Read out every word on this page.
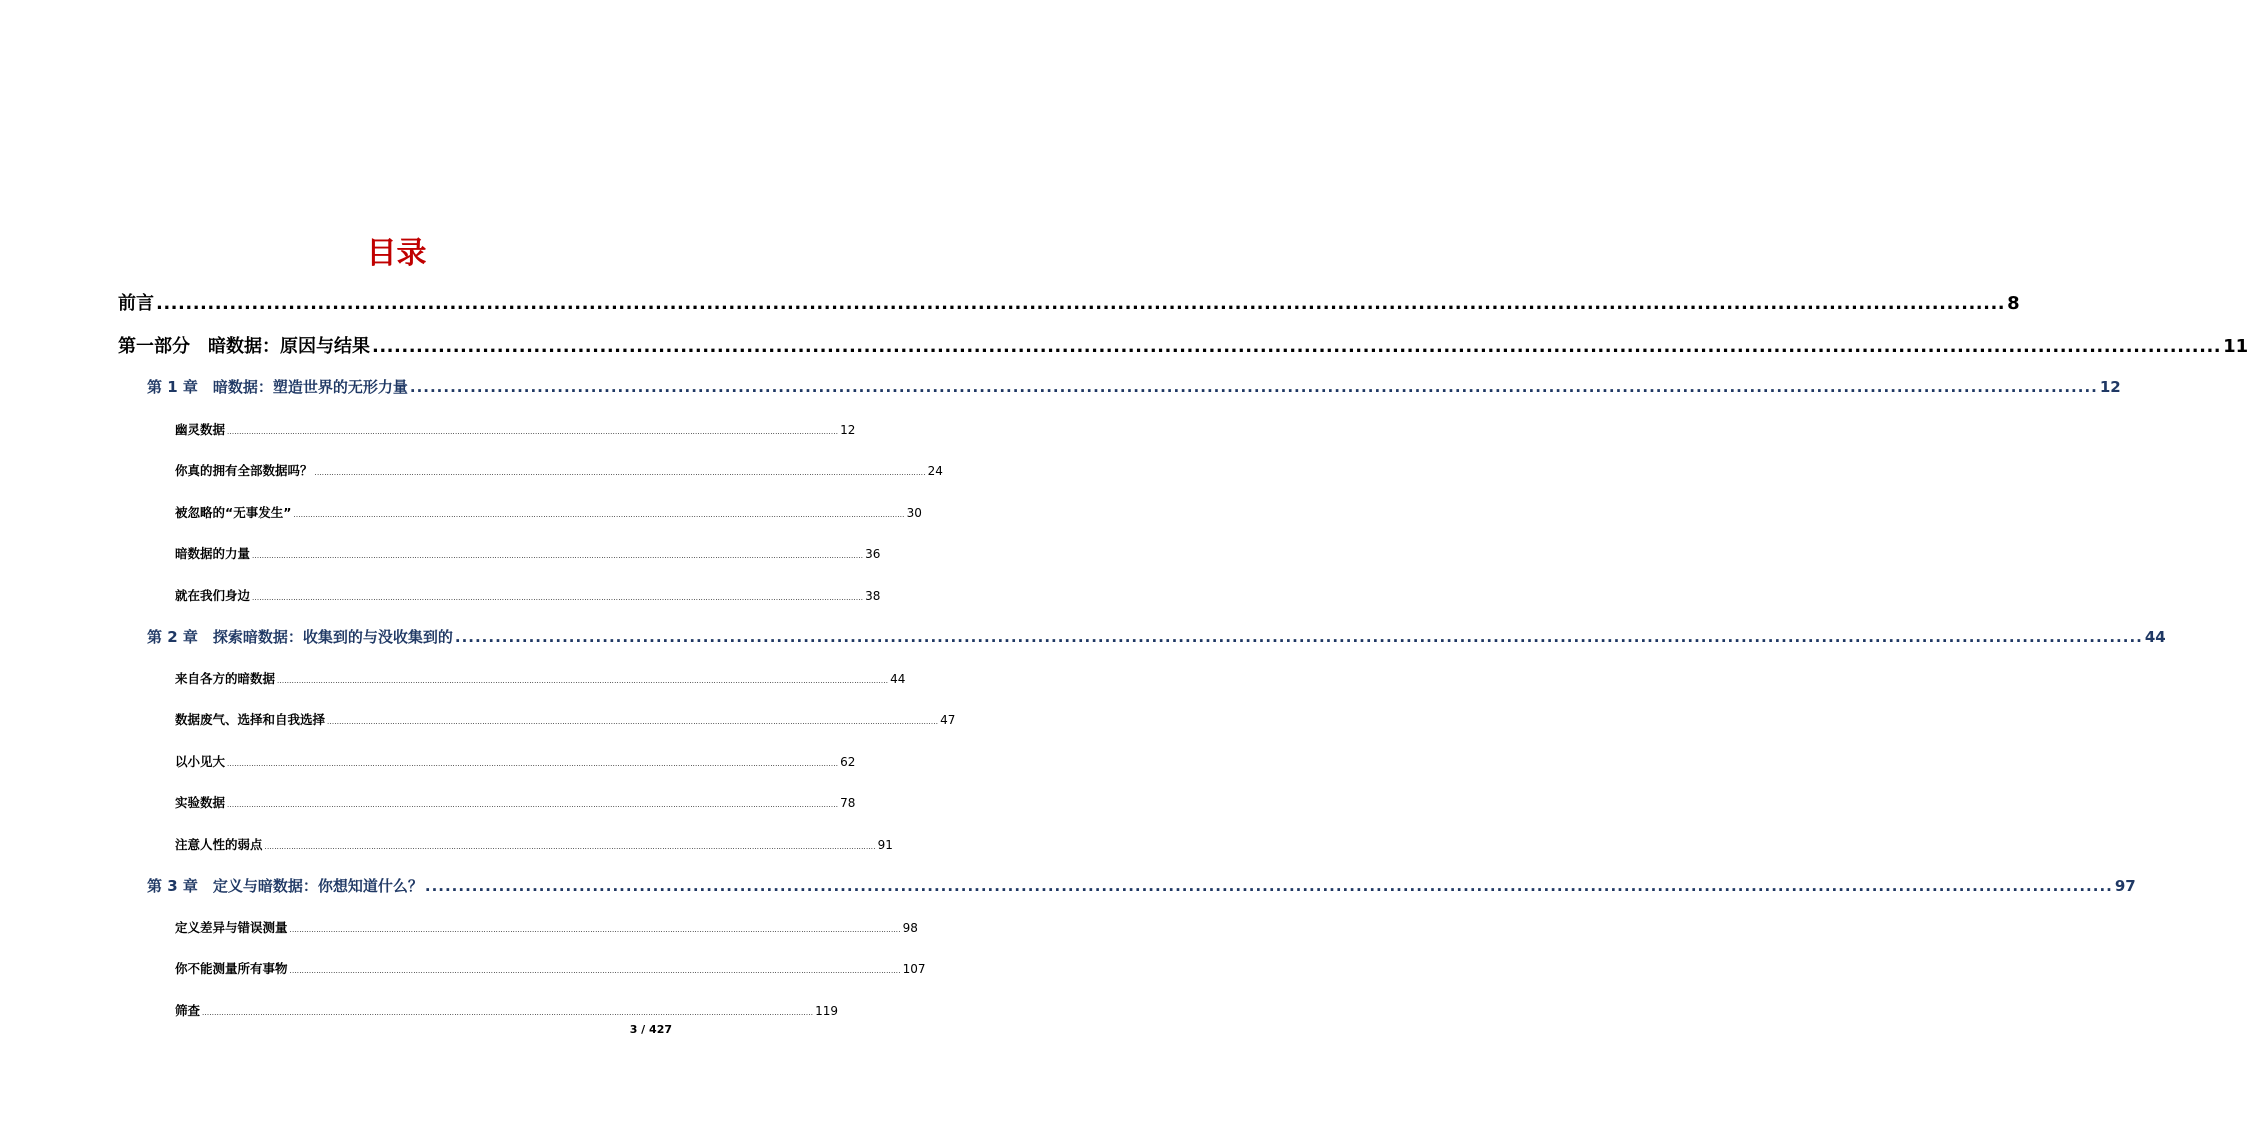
目录
前言 ............................................................................................................................................................................................................................................................ 8
第一部分　暗数据：原因与结果 ............................................................................................................................................................................................................................................................ 11
第 1 章　暗数据：塑造世界的无形力量 ............................................................................................................................................................................................................................................................ 12
幽灵数据 ............................................................................................................................................................................................................................................................ 12
你真的拥有全部数据吗？ ............................................................................................................................................................................................................................................................ 24
被忽略的“无事发生” ............................................................................................................................................................................................................................................................ 30
暗数据的力量 ............................................................................................................................................................................................................................................................ 36
就在我们身边 ............................................................................................................................................................................................................................................................ 38
第 2 章　探索暗数据：收集到的与没收集到的 ............................................................................................................................................................................................................................................................ 44
来自各方的暗数据 ............................................................................................................................................................................................................................................................ 44
数据废气、选择和自我选择 ............................................................................................................................................................................................................................................................ 47
以小见大 ............................................................................................................................................................................................................................................................ 62
实验数据 ............................................................................................................................................................................................................................................................ 78
注意人性的弱点 ............................................................................................................................................................................................................................................................ 91
第 3 章　定义与暗数据：你想知道什么？ ............................................................................................................................................................................................................................................................ 97
定义差异与错误测量 ............................................................................................................................................................................................................................................................ 98
你不能测量所有事物 ............................................................................................................................................................................................................................................................ 107
筛查 ............................................................................................................................................................................................................................................................ 119
3 / 427
